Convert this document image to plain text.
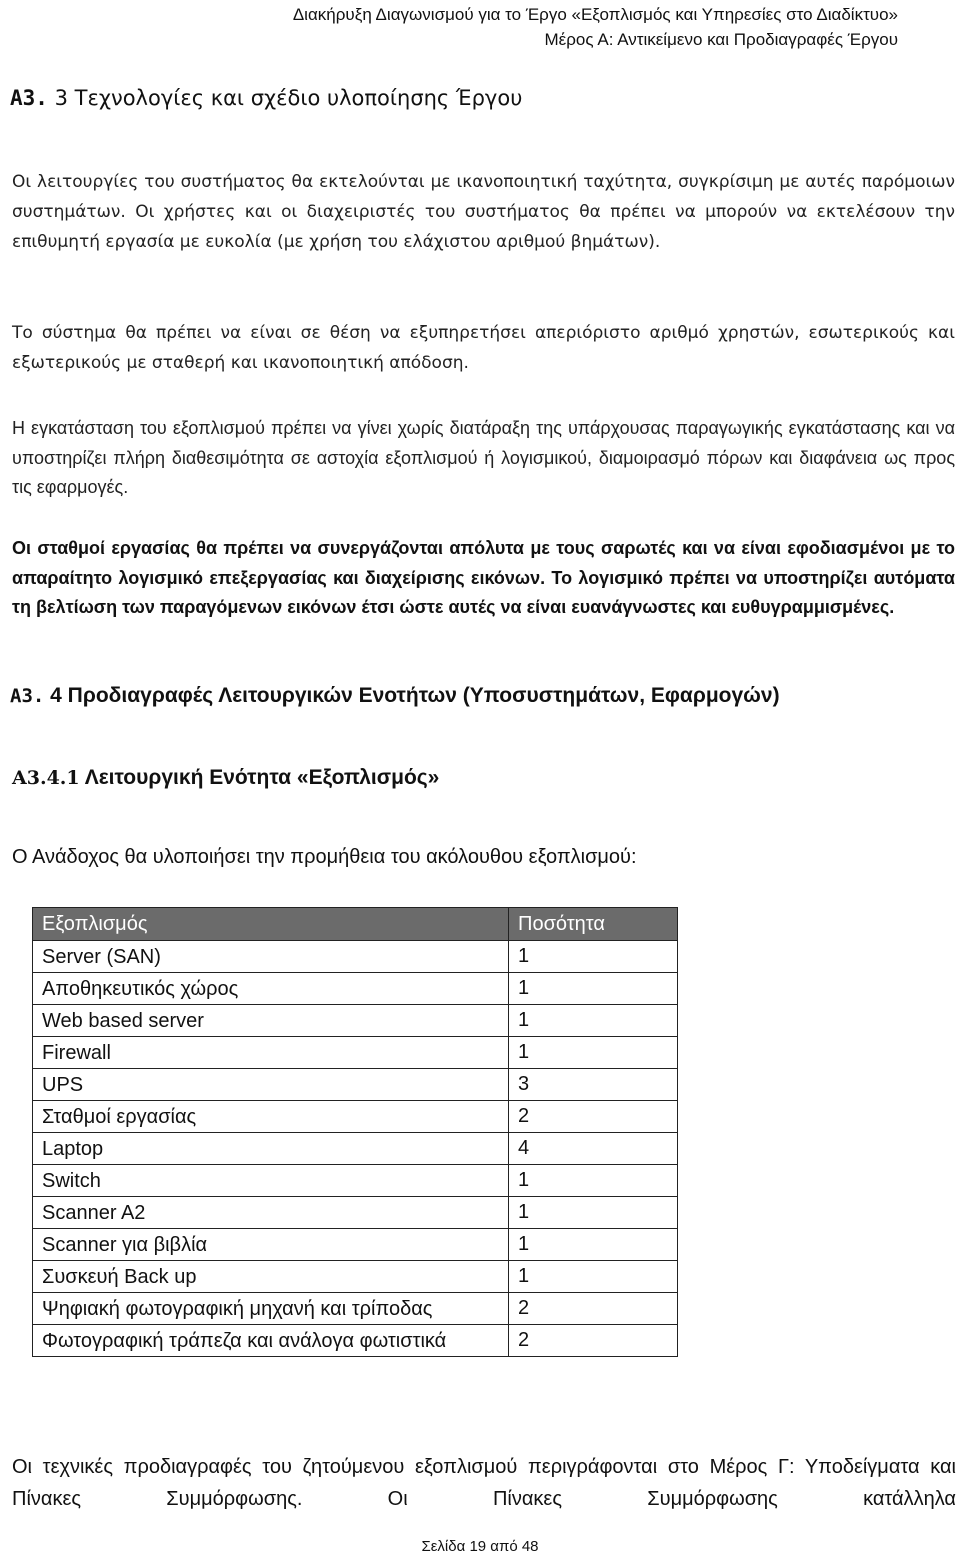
Διακήρυξη Διαγωνισμού για το Έργο «Εξοπλισμός και Υπηρεσίες στο Διαδίκτυο»
Μέρος Α: Αντικείμενο και Προδιαγραφές Έργου
Α3. 3 Τεχνολογίες και σχέδιο υλοποίησης Έργου

Οι λειτουργίες του συστήματος θα εκτελούνται με ικανοποιητική ταχύτητα, συγκρίσιμη με αυτές παρόμοιων συστημάτων. Οι χρήστες και οι διαχειριστές του συστήματος θα πρέπει να μπορούν να εκτελέσουν την επιθυμητή εργασία με ευκολία (με χρήση του ελάχιστου αριθμού βημάτων).

Το σύστημα θα πρέπει να είναι σε θέση να εξυπηρετήσει απεριόριστο αριθμό χρηστών, εσωτερικούς και εξωτερικούς με σταθερή και ικανοποιητική απόδοση.

Η εγκατάσταση του εξοπλισμού πρέπει να γίνει χωρίς διατάραξη της υπάρχουσας παραγωγικής εγκατάστασης και να υποστηρίζει πλήρη διαθεσιμότητα σε αστοχία εξοπλισμού ή λογισμικού, διαμοιρασμό πόρων και διαφάνεια ως προς τις εφαρμογές.

Οι σταθμοί εργασίας θα πρέπει να συνεργάζονται απόλυτα με τους σαρωτές και να είναι εφοδιασμένοι με το απαραίτητο λογισμικό επεξεργασίας και διαχείρισης εικόνων. Το λογισμικό πρέπει να υποστηρίζει αυτόματα τη βελτίωση των παραγόμενων εικόνων έτσι ώστε αυτές να είναι ευανάγνωστες και ευθυγραμμισμένες.

Α3. 4 Προδιαγραφές Λειτουργικών Ενοτήτων (Υποσυστημάτων, Εφαρμογών)
Α3.4.1 Λειτουργική Ενότητα «Εξοπλισμός»

Ο Ανάδοχος θα υλοποιήσει την προμήθεια του ακόλουθου εξοπλισμού:

Εξοπλισμός	Ποσότητα
Server (SAN)	1
Αποθηκευτικός χώρος	1
Web based server	1
Firewall	1
UPS	3
Σταθμοί εργασίας	2
Laptop	4
Switch	1
Scanner A2	1
Scanner για βιβλία	1
Συσκευή Back up	1
Ψηφιακή φωτογραφική μηχανή και τρίποδας	2
Φωτογραφική τράπεζα και ανάλογα φωτιστικά	2

Οι τεχνικές προδιαγραφές του ζητούμενου εξοπλισμού περιγράφονται στο Μέρος Γ: Υποδείγματα και Πίνακες Συμμόρφωσης. Οι Πίνακες Συμμόρφωσης κατάλληλα

Σελίδα 19 από 48
